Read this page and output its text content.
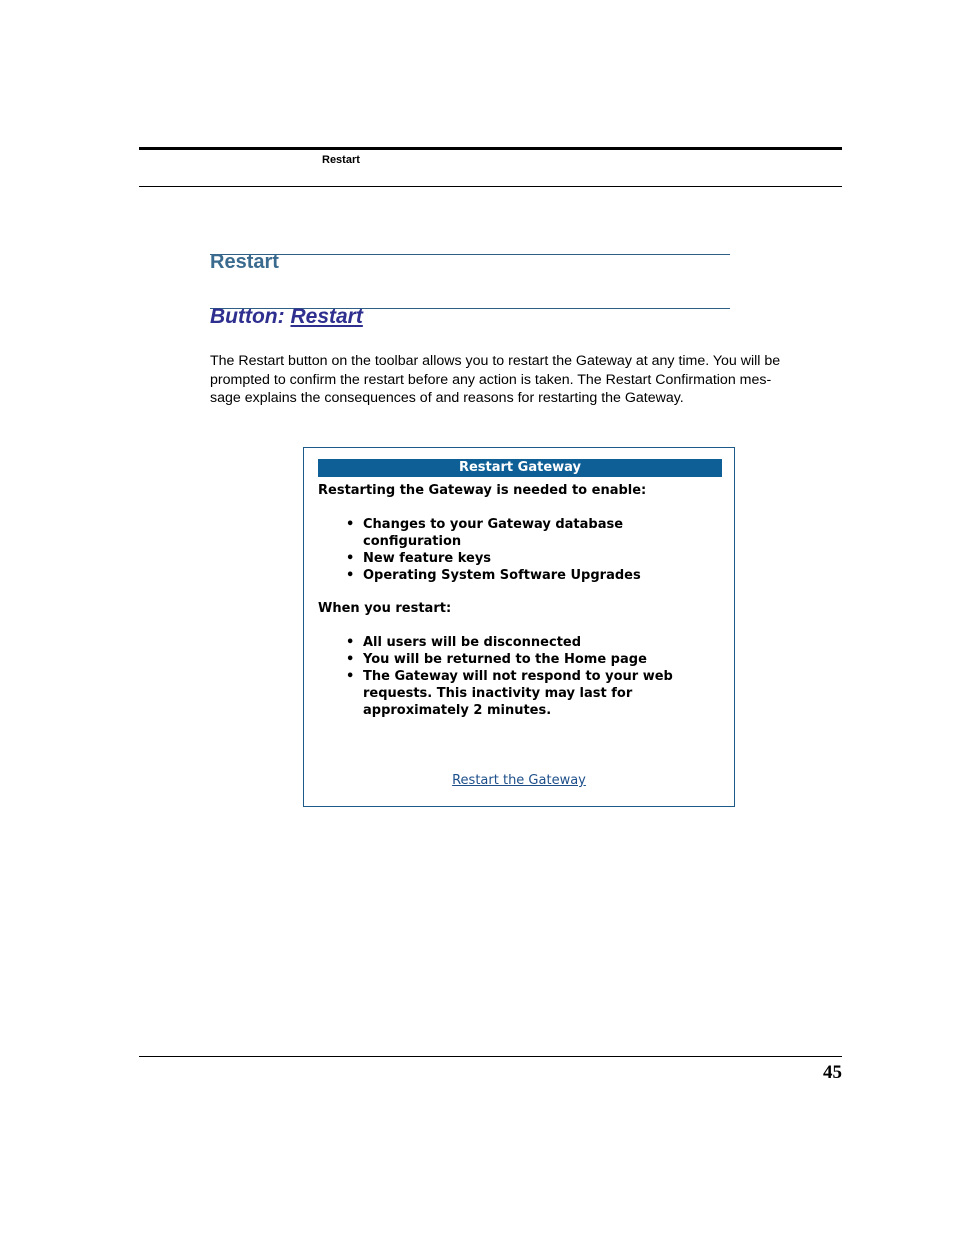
Restart
Restart
Button: Restart
The Restart button on the toolbar allows you to restart the Gateway at any time. You will be
prompted to confirm the restart before any action is taken. The Restart Confirmation mes-
sage explains the consequences of and reasons for restarting the Gateway.
Restart Gateway
Restarting the Gateway is needed to enable:
• Changes to your Gateway database
configuration
• New feature keys
• Operating System Software Upgrades
When you restart:
• All users will be disconnected
• You will be returned to the Home page
• The Gateway will not respond to your web
requests. This inactivity may last for
approximately 2 minutes.
Restart the Gateway
45
